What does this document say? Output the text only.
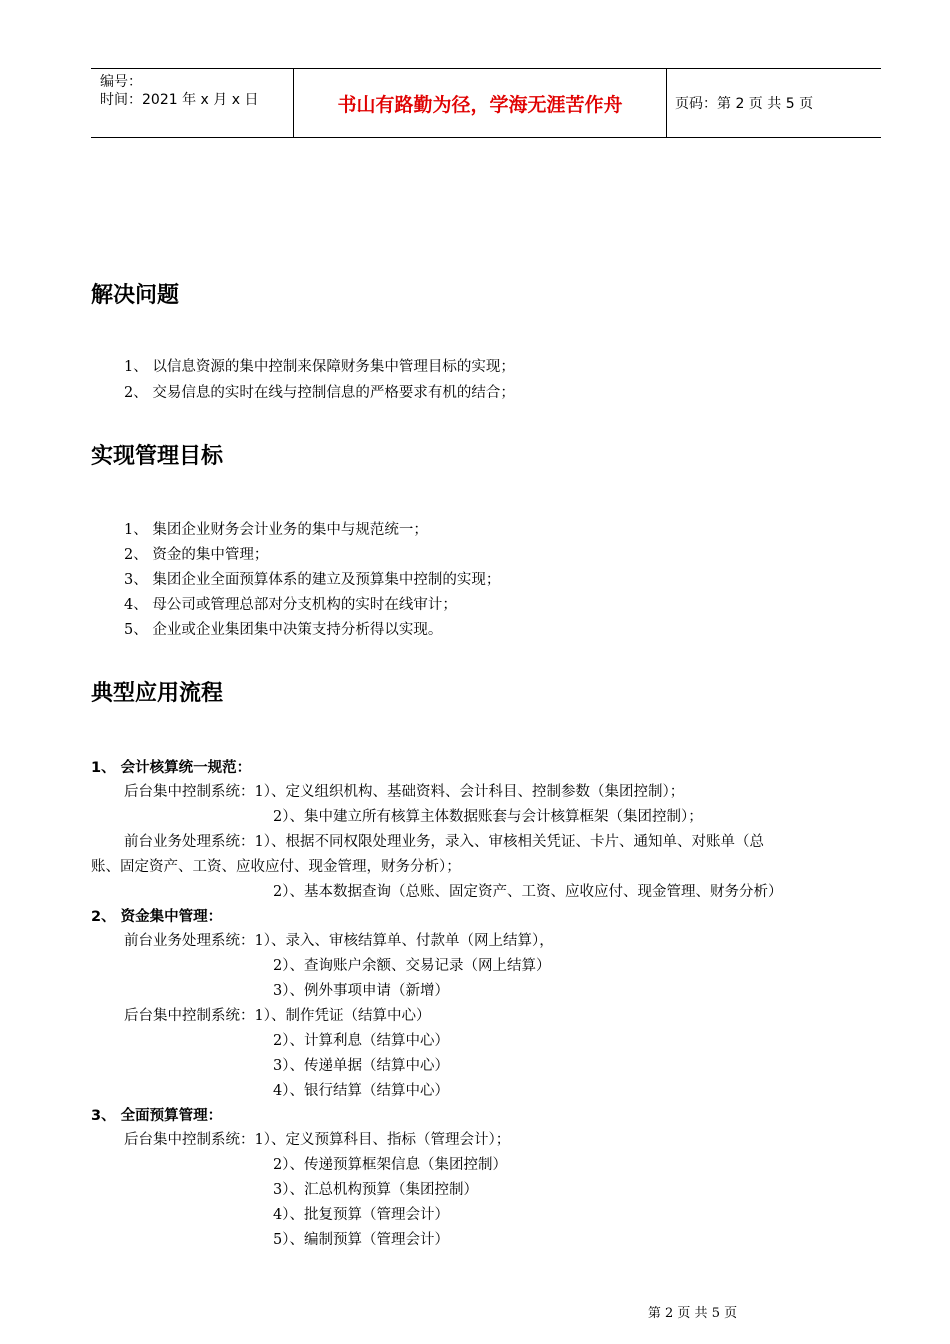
编号：
时间：2021 年 x 月 x 日	书山有路勤为径，学海无涯苦作舟	页码：第 2 页 共 5 页
解决问题
1、 以信息资源的集中控制来保障财务集中管理目标的实现；
2、 交易信息的实时在线与控制信息的严格要求有机的结合；
实现管理目标
1、 集团企业财务会计业务的集中与规范统一；
2、 资金的集中管理；
3、 集团企业全面预算体系的建立及预算集中控制的实现；
4、 母公司或管理总部对分支机构的实时在线审计；
5、 企业或企业集团集中决策支持分析得以实现。
典型应用流程
1、 会计核算统一规范：
后台集中控制系统：1）、定义组织机构、基础资料、会计科目、控制参数（集团控制）；
2）、集中建立所有核算主体数据账套与会计核算框架（集团控制）；
前台业务处理系统：1）、根据不同权限处理业务，录入、审核相关凭证、卡片、通知单、对账单（总
账、固定资产、工资、应收应付、现金管理，财务分析）；
2）、基本数据查询（总账、固定资产、工资、应收应付、现金管理、财务分析）
2、 资金集中管理：
前台业务处理系统：1）、录入、审核结算单、付款单（网上结算），
2）、查询账户余额、交易记录（网上结算）
3）、例外事项申请（新增）
后台集中控制系统：1）、制作凭证（结算中心）
2）、计算利息（结算中心）
3）、传递单据（结算中心）
4）、银行结算（结算中心）
3、 全面预算管理：
后台集中控制系统：1）、定义预算科目、指标（管理会计）；
2）、传递预算框架信息（集团控制）
3）、汇总机构预算（集团控制）
4）、批复预算（管理会计）
5）、编制预算（管理会计）
第 2 页 共 5 页
